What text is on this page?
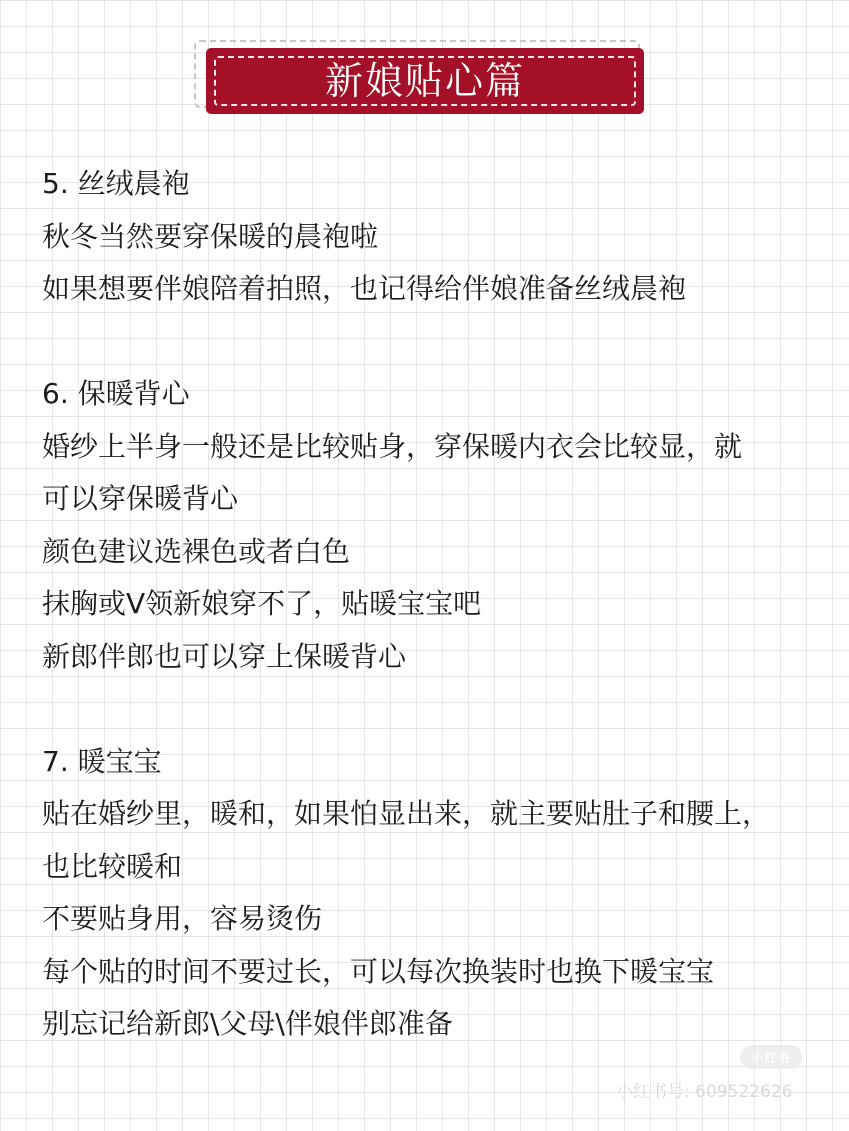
新娘贴心篇
5. 丝绒晨袍
秋冬当然要穿保暖的晨袍啦
如果想要伴娘陪着拍照，也记得给伴娘准备丝绒晨袍
6. 保暖背心
婚纱上半身一般还是比较贴身，穿保暖内衣会比较显，就
可以穿保暖背心
颜色建议选裸色或者白色
抹胸或V领新娘穿不了，贴暖宝宝吧
新郎伴郎也可以穿上保暖背心
7. 暖宝宝
贴在婚纱里，暖和，如果怕显出来，就主要贴肚子和腰上，
也比较暖和
不要贴身用，容易烫伤
每个贴的时间不要过长，可以每次换装时也换下暖宝宝
别忘记给新郎\父母\伴娘伴郎准备
小红书
小红书号: 609522626
